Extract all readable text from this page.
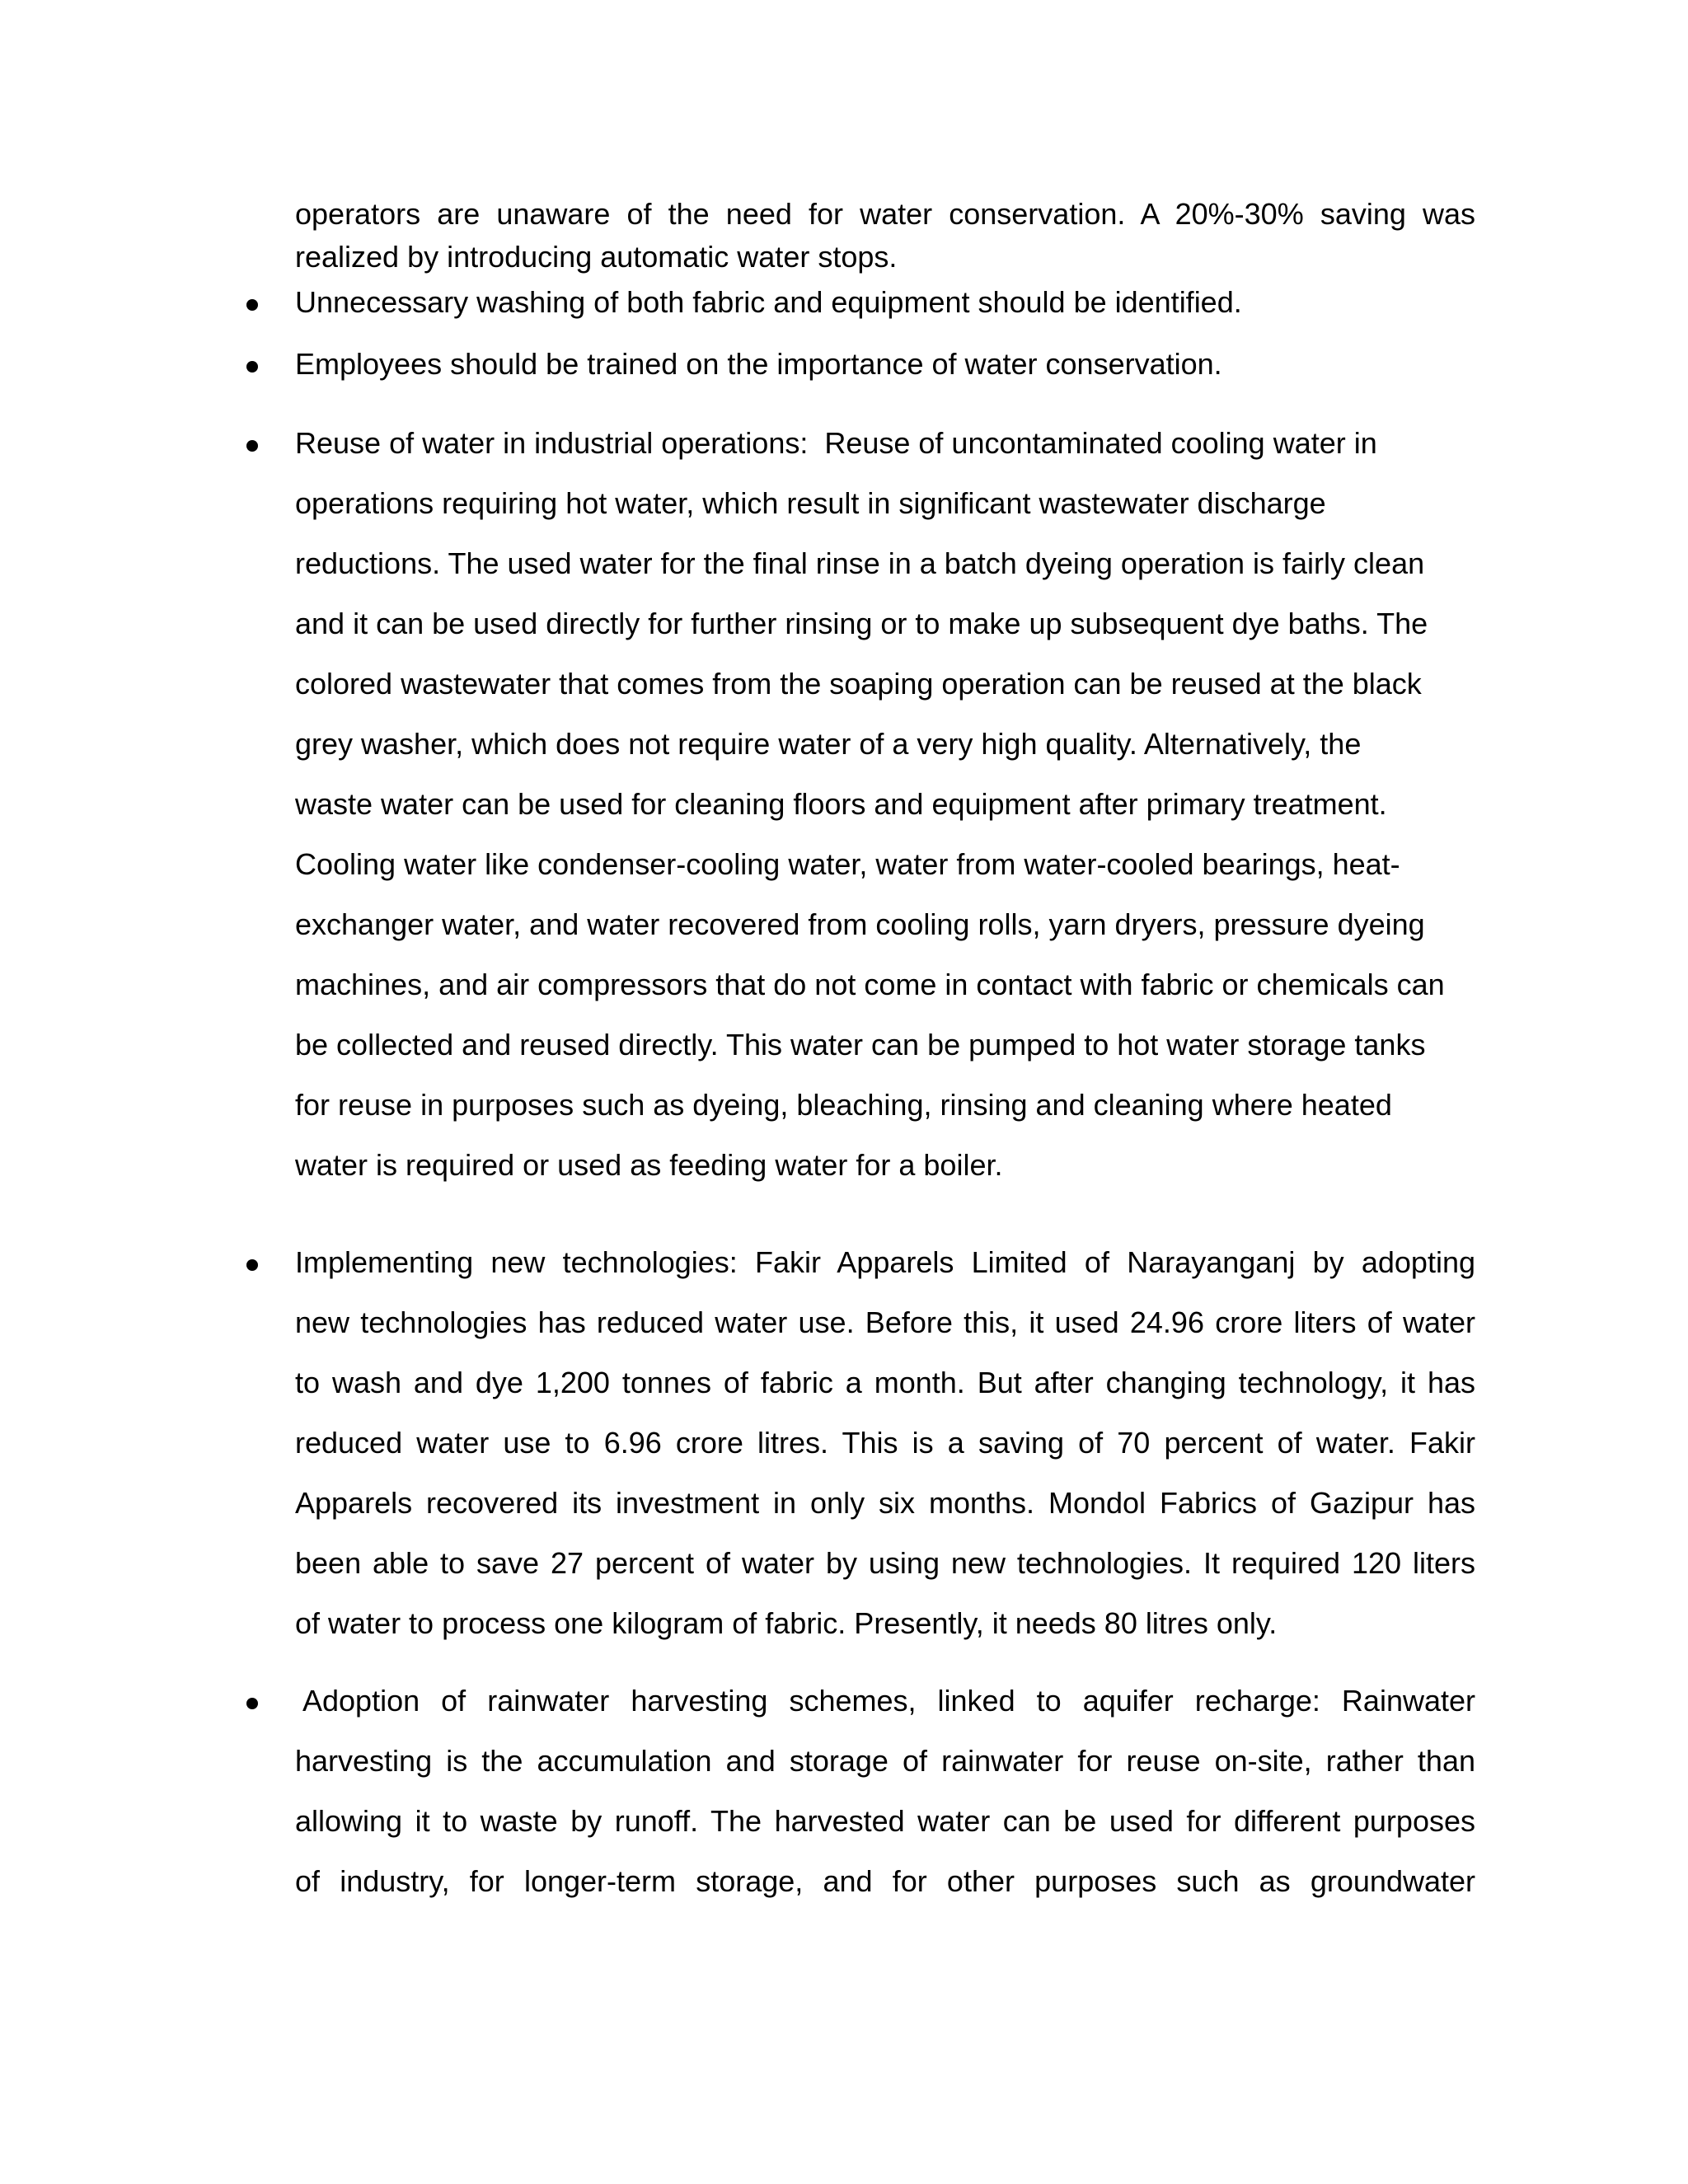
operators are unaware of the need for water conservation. A 20%-30% saving was
realized by introducing automatic water stops.
Unnecessary washing of both fabric and equipment should be identified.
Employees should be trained on the importance of water conservation.
Reuse of water in industrial operations:  Reuse of uncontaminated cooling water in
operations requiring hot water, which result in significant wastewater discharge
reductions. The used water for the final rinse in a batch dyeing operation is fairly clean
and it can be used directly for further rinsing or to make up subsequent dye baths. The
colored wastewater that comes from the soaping operation can be reused at the black
grey washer, which does not require water of a very high quality. Alternatively, the
waste water can be used for cleaning floors and equipment after primary treatment.
Cooling water like condenser-cooling water, water from water-cooled bearings, heat-
exchanger water, and water recovered from cooling rolls, yarn dryers, pressure dyeing
machines, and air compressors that do not come in contact with fabric or chemicals can
be collected and reused directly. This water can be pumped to hot water storage tanks
for reuse in purposes such as dyeing, bleaching, rinsing and cleaning where heated
water is required or used as feeding water for a boiler.
Implementing new technologies: Fakir Apparels Limited of Narayanganj by adopting
new technologies has reduced water use. Before this, it used 24.96 crore liters of water
to wash and dye 1,200 tonnes of fabric a month. But after changing technology, it has
reduced water use to 6.96 crore litres. This is a saving of 70 percent of water. Fakir
Apparels recovered its investment in only six months. Mondol Fabrics of Gazipur has
been able to save 27 percent of water by using new technologies. It required 120 liters
of water to process one kilogram of fabric. Presently, it needs 80 litres only.
Adoption of rainwater harvesting schemes, linked to aquifer recharge: Rainwater
harvesting is the accumulation and storage of rainwater for reuse on-site, rather than
allowing it to waste by runoff. The harvested water can be used for different purposes
of industry, for longer-term storage, and for other purposes such as groundwater
